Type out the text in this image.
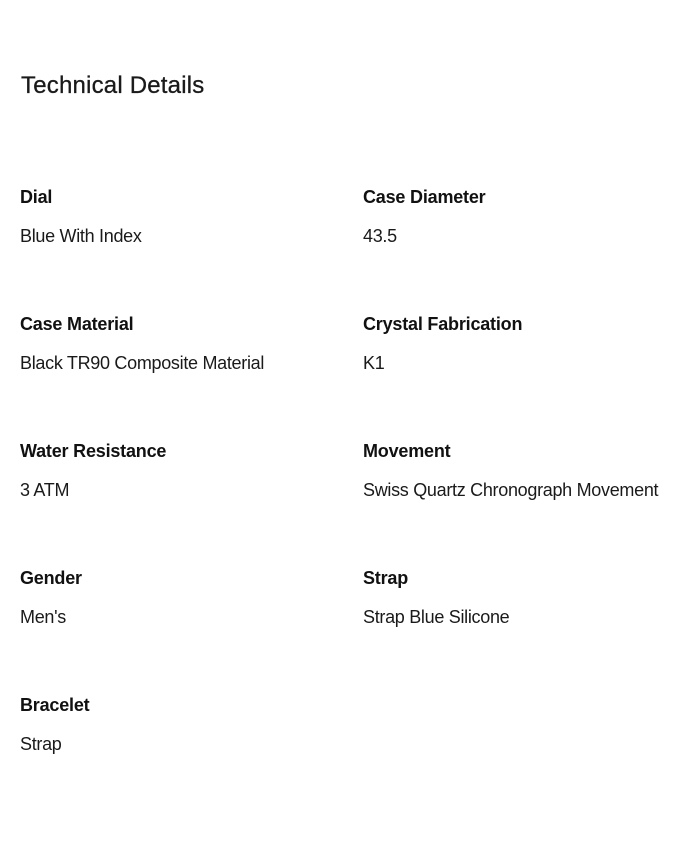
Technical Details
Dial
Blue With Index
Case Diameter
43.5
Case Material
Black TR90 Composite Material
Crystal Fabrication
K1
Water Resistance
3 ATM
Movement
Swiss Quartz Chronograph Movement
Gender
Men's
Strap
Strap Blue Silicone
Bracelet
Strap
